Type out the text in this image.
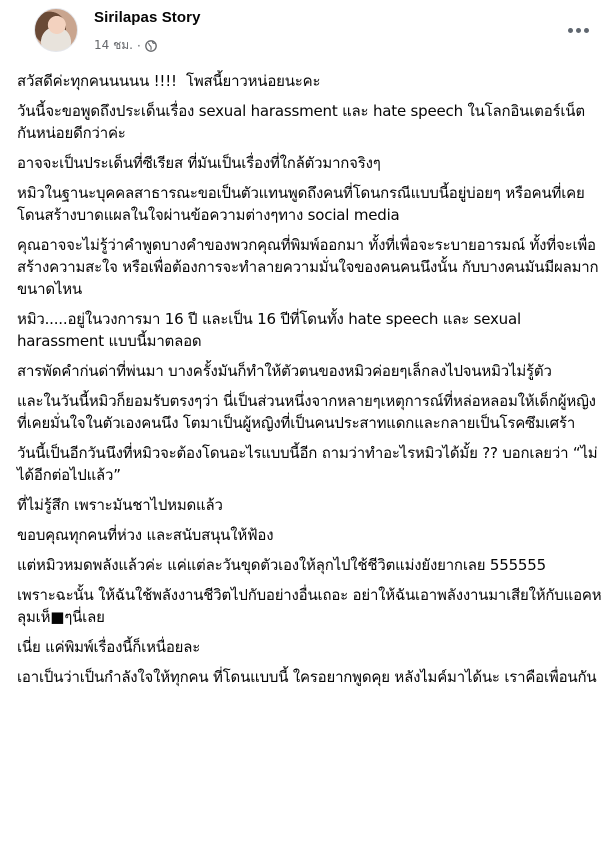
Sirilapas Story
14 ชม. ·

สวัสดีค่ะทุกคนนนนน !!!!  โพสนี้ยาวหน่อยนะคะ

วันนี้จะขอพูดถึงประเด็นเรื่อง sexual harassment และ hate speech ในโลกอินเตอร์เน็ตกันหน่อยดีกว่าค่ะ

อาจจะเป็นประเด็นที่ซีเรียส ที่มันเป็นเรื่องที่ใกล้ตัวมากจริงๆ

หมิวในฐานะบุคคลสาธารณะขอเป็นตัวแทนพูดถึงคนที่โดนกรณีแบบนี้อยู่บ่อยๆ หรือคนที่เคยโดนสร้างบาดแผลในใจผ่านข้อความต่างๆทาง social media

คุณอาจจะไม่รู้ว่าคำพูดบางคำของพวกคุณที่พิมพ์ออกมา ทั้งที่เพื่อจะระบายอารมณ์ ทั้งที่จะเพื่อสร้างความสะใจ หรือเพื่อต้องการจะทำลายความมั่นใจของคนคนนึงนั้น กับบางคนมันมีผลมากขนาดไหน

หมิว.....อยู่ในวงการมา 16 ปี และเป็น 16 ปีที่โดนทั้ง hate speech และ sexual harassment แบบนี้มาตลอด

สารพัดคำก่นด่าที่พ่นมา บางครั้งมันก็ทำให้ตัวตนของหมิวค่อยๆเล็กลงไปจนหมิวไม่รู้ตัว

และในวันนี้หมิวก็ยอมรับตรงๆว่า นี่เป็นส่วนหนึ่งจากหลายๆเหตุการณ์ที่หล่อหลอมให้เด็กผู้หญิงที่เคยมั่นใจในตัวเองคนนึง โตมาเป็นผู้หญิงที่เป็นคนประสาทแดกและกลายเป็นโรคซึมเศร้า

วันนี้เป็นอีกวันนึงที่หมิวจะต้องโดนอะไรแบบนี้อีก ถามว่าทำอะไรหมิวได้มั้ย ?? บอกเลยว่า “ไม่ได้อีกต่อไปแล้ว”

ที่ไม่รู้สึก เพราะมันชาไปหมดแล้ว

ขอบคุณทุกคนที่ห่วง และสนับสนุนให้ฟ้อง

แต่หมิวหมดพลังแล้วค่ะ แค่แต่ละวันขุดตัวเองให้ลุกไปใช้ชีวิตแม่งยังยากเลย 555555

เพราะฉะนั้น ให้ฉันใช้พลังงานชีวิตไปกับอย่างอื่นเถอะ อย่าให้ฉันเอาพลังงานมาเสียให้กับแอคหลุมเห็■ๆนี่เลย

เนี่ย แค่พิมพ์เรื่องนี้ก็เหนื่อยละ

เอาเป็นว่าเป็นกำลังใจให้ทุกคน ที่โดนแบบนี้ ใครอยากพูดคุย หลังไมค์มาได้นะ เราคือเพื่อนกัน
